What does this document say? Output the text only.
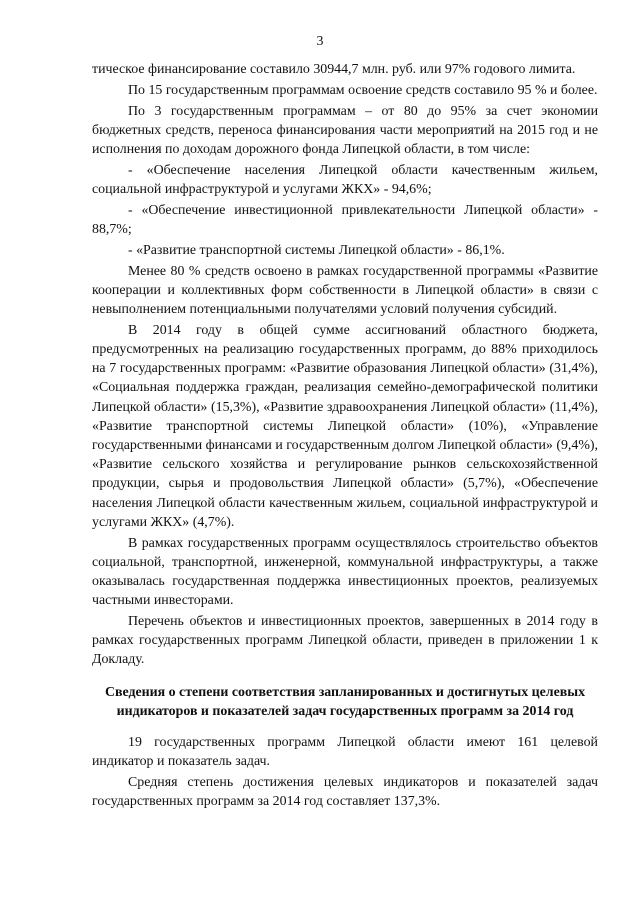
3

тическое финансирование составило 30944,7 млн. руб. или 97% годового лимита.

По 15 государственным программам освоение средств составило 95 % и более.

По 3 государственным программам – от 80 до 95% за счет экономии бюджетных средств, переноса финансирования части мероприятий на 2015 год и не исполнения по доходам дорожного фонда Липецкой области, в том числе:

- «Обеспечение населения Липецкой области качественным жильем, социальной инфраструктурой и услугами ЖКХ» - 94,6%;

- «Обеспечение инвестиционной привлекательности Липецкой области» - 88,7%;

- «Развитие транспортной системы Липецкой области» - 86,1%.

Менее 80 % средств освоено в рамках государственной программы «Развитие кооперации и коллективных форм собственности в Липецкой области» в связи с невыполнением потенциальными получателями условий получения субсидий.

В 2014 году в общей сумме ассигнований областного бюджета, предусмотренных на реализацию государственных программ, до 88% приходилось на 7 государственных программ: «Развитие образования Липецкой области» (31,4%), «Социальная поддержка граждан, реализация семейно-демографической политики Липецкой области» (15,3%), «Развитие здравоохранения Липецкой области» (11,4%), «Развитие транспортной системы Липецкой области» (10%), «Управление государственными финансами и государственным долгом Липецкой области» (9,4%), «Развитие сельского хозяйства и регулирование рынков сельскохозяйственной продукции, сырья и продовольствия Липецкой области» (5,7%), «Обеспечение населения Липецкой области качественным жильем, социальной инфраструктурой и услугами ЖКХ» (4,7%).

В рамках государственных программ осуществлялось строительство объектов социальной, транспортной, инженерной, коммунальной инфраструктуры, а также оказывалась государственная поддержка инвестиционных проектов, реализуемых частными инвесторами.

Перечень объектов и инвестиционных проектов, завершенных в 2014 году в рамках государственных программ Липецкой области, приведен в приложении 1 к Докладу.

Сведения о степени соответствия запланированных и достигнутых целевых индикаторов и показателей задач государственных программ за 2014 год

19 государственных программ Липецкой области имеют 161 целевой индикатор и показатель задач.

Средняя степень достижения целевых индикаторов и показателей задач государственных программ за 2014 год составляет 137,3%.
